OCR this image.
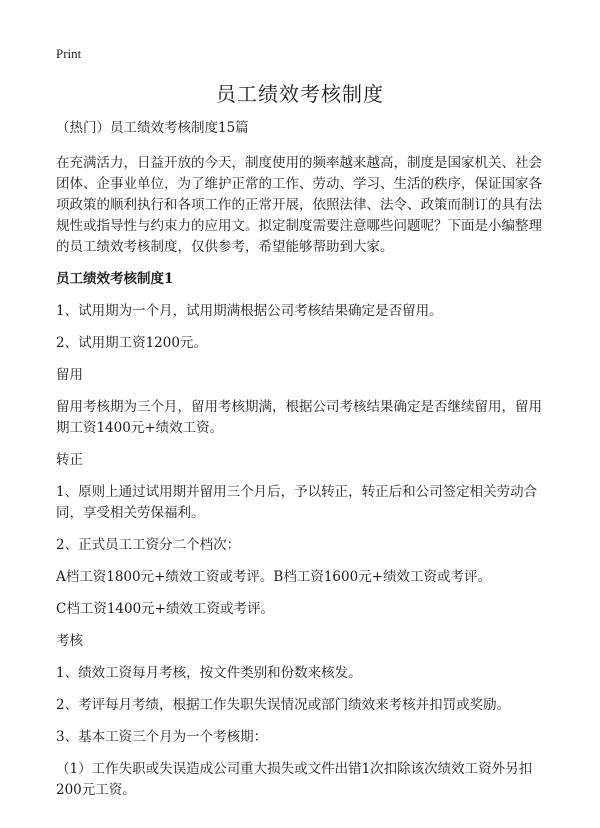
Print
员工绩效考核制度

（热门）员工绩效考核制度15篇

在充满活力，日益开放的今天，制度使用的频率越来越高，制度是国家机关、社会团体、企事业单位，为了维护正常的工作、劳动、学习、生活的秩序，保证国家各项政策的顺利执行和各项工作的正常开展，依照法律、法令、政策而制订的具有法规性或指导性与约束力的应用文。拟定制度需要注意哪些问题呢？下面是小编整理的员工绩效考核制度，仅供参考，希望能够帮助到大家。

员工绩效考核制度1

1、试用期为一个月，试用期满根据公司考核结果确定是否留用。

2、试用期工资1200元。

留用

留用考核期为三个月，留用考核期满，根据公司考核结果确定是否继续留用，留用期工资1400元+绩效工资。

转正

1、原则上通过试用期并留用三个月后，予以转正，转正后和公司签定相关劳动合同，享受相关劳保福利。

2、正式员工工资分二个档次：

A档工资1800元+绩效工资或考评。B档工资1600元+绩效工资或考评。

C档工资1400元+绩效工资或考评。

考核

1、绩效工资每月考核，按文件类别和份数来核发。

2、考评每月考绩，根据工作失职失误情况或部门绩效来考核并扣罚或奖励。

3、基本工资三个月为一个考核期：

（1）工作失职或失误造成公司重大损失或文件出错1次扣除该次绩效工资外另扣200元工资。
